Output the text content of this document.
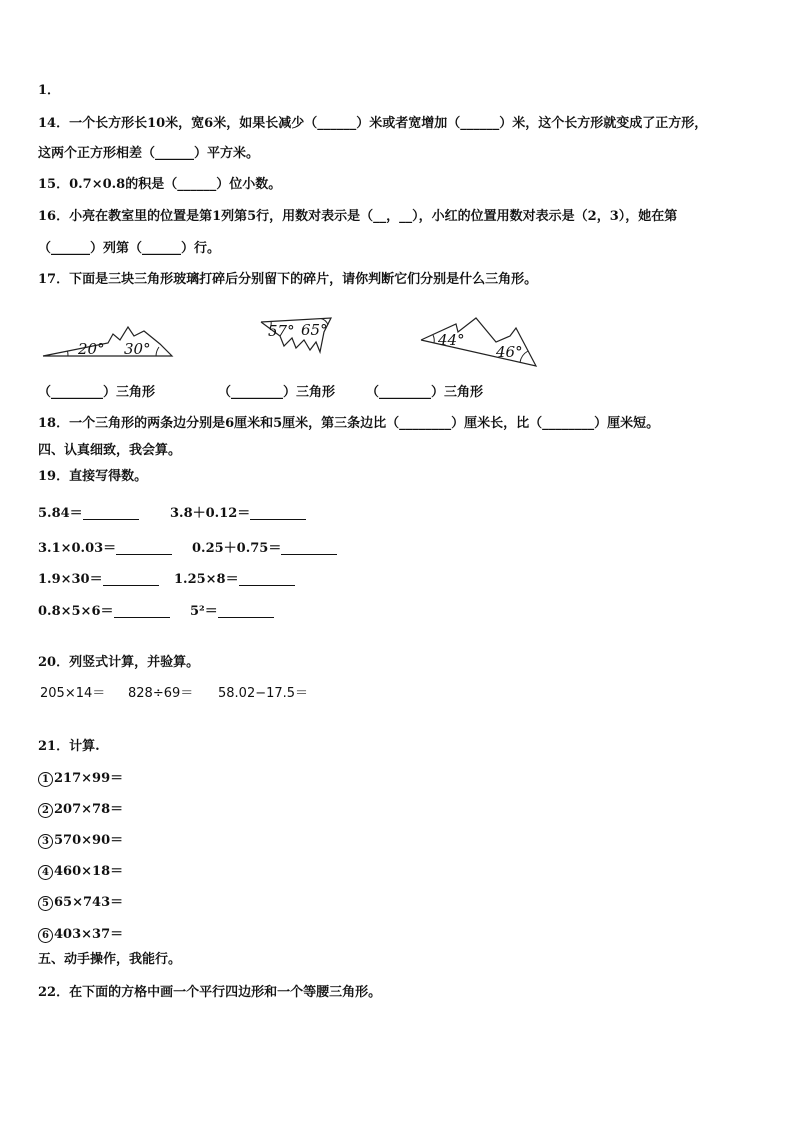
1．
14．一个长方形长10米，宽6米，如果长减少（______）米或者宽增加（______）米，这个长方形就变成了正方形，
这两个正方形相差（______）平方米。
15．0.7×0.8的积是（______）位小数。
16．小亮在教室里的位置是第1列第5行，用数对表示是（__，__），小红的位置用数对表示是（2，3），她在第
（______）列第（______）行。
17．下面是三块三角形玻璃打碎后分别留下的碎片，请你判断它们分别是什么三角形。
20° 30°
57° 65°
44°
46°
（________）三角形	（________）三角形 （________）三角形
18．一个三角形的两条边分别是6厘米和5厘米，第三条边比（________）厘米长，比（________）厘米短。
四、认真细致，我会算。
19．直接写得数。
5.84＝	3.8＋0.12＝
3.1×0.03＝	0.25＋0.75＝
1.9×30＝	1.25×8＝
0.8×5×6＝	5²＝
20．列竖式计算，并验算。
205×14＝ 828÷69＝ 58.02−17.5＝
21．计算.
1 217×99＝
2 207×78＝
3 570×90＝
4 460×18＝
5 65×743＝
6 403×37＝
五、动手操作，我能行。
22．在下面的方格中画一个平行四边形和一个等腰三角形。
